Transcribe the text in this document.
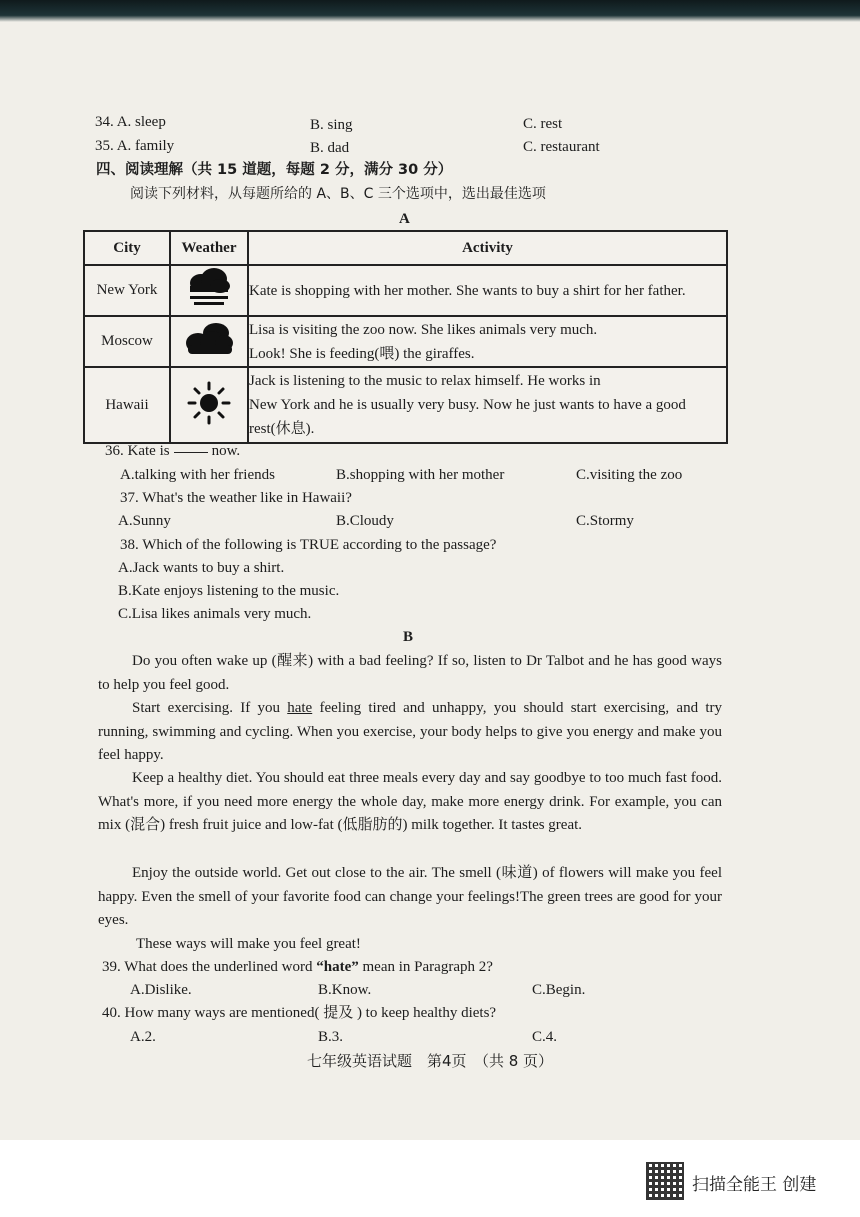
34. A. sleep	B. sing	C. rest
35. A. family	B. dad	C. restaurant
四、阅读理解（共 15 道题，每题 2 分，满分 30 分）
阅读下列材料，从每题所给的 A、B、C 三个选项中，选出最佳选项
A
City	Weather	Activity
New York		Kate is shopping with her mother. She wants to buy a shirt for her father.

Moscow		Lisa is visiting the zoo now. She likes animals very much.
Look! She is feeding(喂) the giraffes.

Hawaii		Jack is listening to the music to relax himself. He works in
New York and he is usually very busy. Now he just wants to have a good
rest(休息).
36. Kate is	now.
A.talking with her friends	B.shopping with her mother	C.visiting the zoo
37. What's the weather like in Hawaii?
A.Sunny	B.Cloudy	C.Stormy
38. Which of the following is TRUE according to the passage?
A.Jack wants to buy a shirt.
B.Kate enjoys listening to the music.
C.Lisa likes animals very much.
B
Do you often wake up (醒来) with a bad feeling? If so, listen to Dr Talbot and he has good ways to help you feel good.
Start exercising. If you hate feeling tired and unhappy, you should start exercising, and try running, swimming and cycling. When you exercise, your body helps to give you energy and make you feel happy.
Keep a healthy diet. You should eat three meals every day and say goodbye to too much fast food. What's more, if you need more energy the whole day, make more energy drink. For example, you can mix (混合) fresh fruit juice and low-fat (低脂肪的) milk together. It tastes great.
Enjoy the outside world. Get out close to the air. The smell (味道) of flowers will make you feel happy. Even the smell of your favorite food can change your feelings!The green trees are good for your eyes.
These ways will make you feel great!
39. What does the underlined word “hate” mean in Paragraph 2?
A.Dislike.	B.Know.	C.Begin.
40. How many ways are mentioned( 提及 ) to keep healthy diets?
A.2.	B.3.	C.4.
七年级英语试题　第4页　（共 8 页）
扫描全能王 创建
